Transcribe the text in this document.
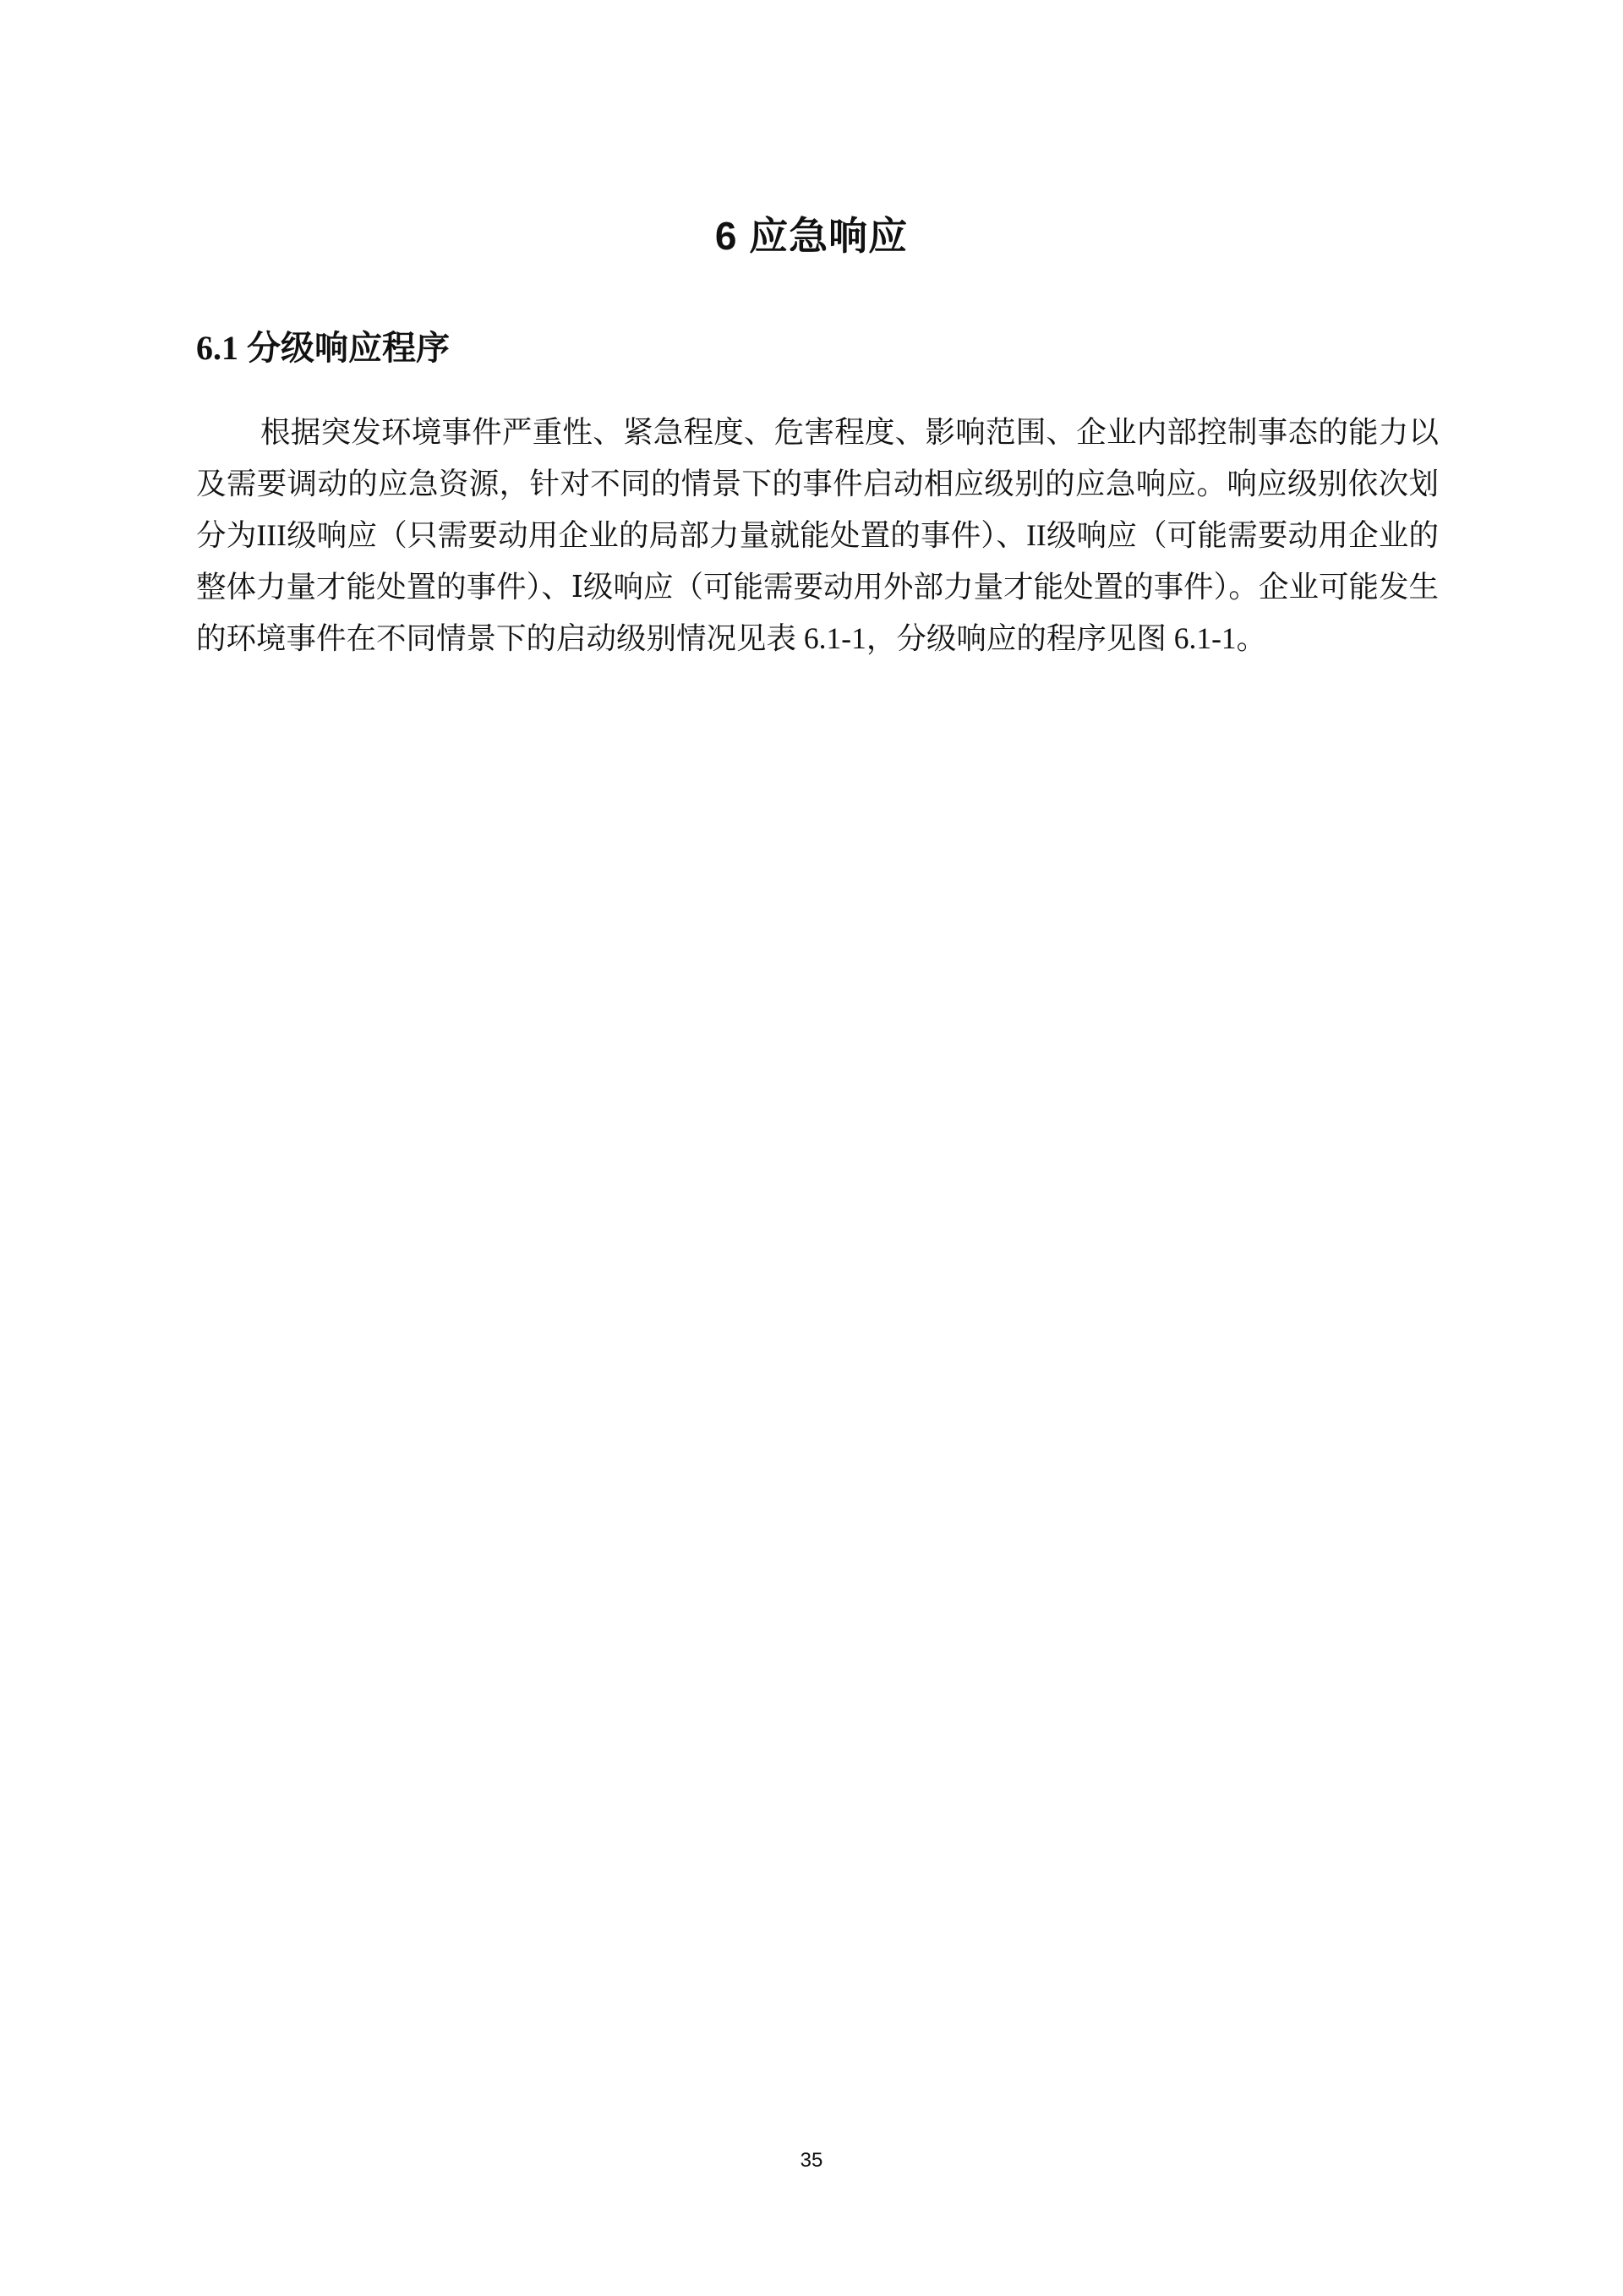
6 应急响应
6.1 分级响应程序

根据突发环境事件严重性、紧急程度、危害程度、影响范围、企业内部控制事态的能力以及需要调动的应急资源，针对不同的情景下的事件启动相应级别的应急响应。响应级别依次划分为III级响应（只需要动用企业的局部力量就能处置的事件）、II级响应（可能需要动用企业的整体力量才能处置的事件）、Ⅰ级响应（可能需要动用外部力量才能处置的事件）。企业可能发生的环境事件在不同情景下的启动级别情况见表 6.1-1，分级响应的程序见图 6.1-1。

35
